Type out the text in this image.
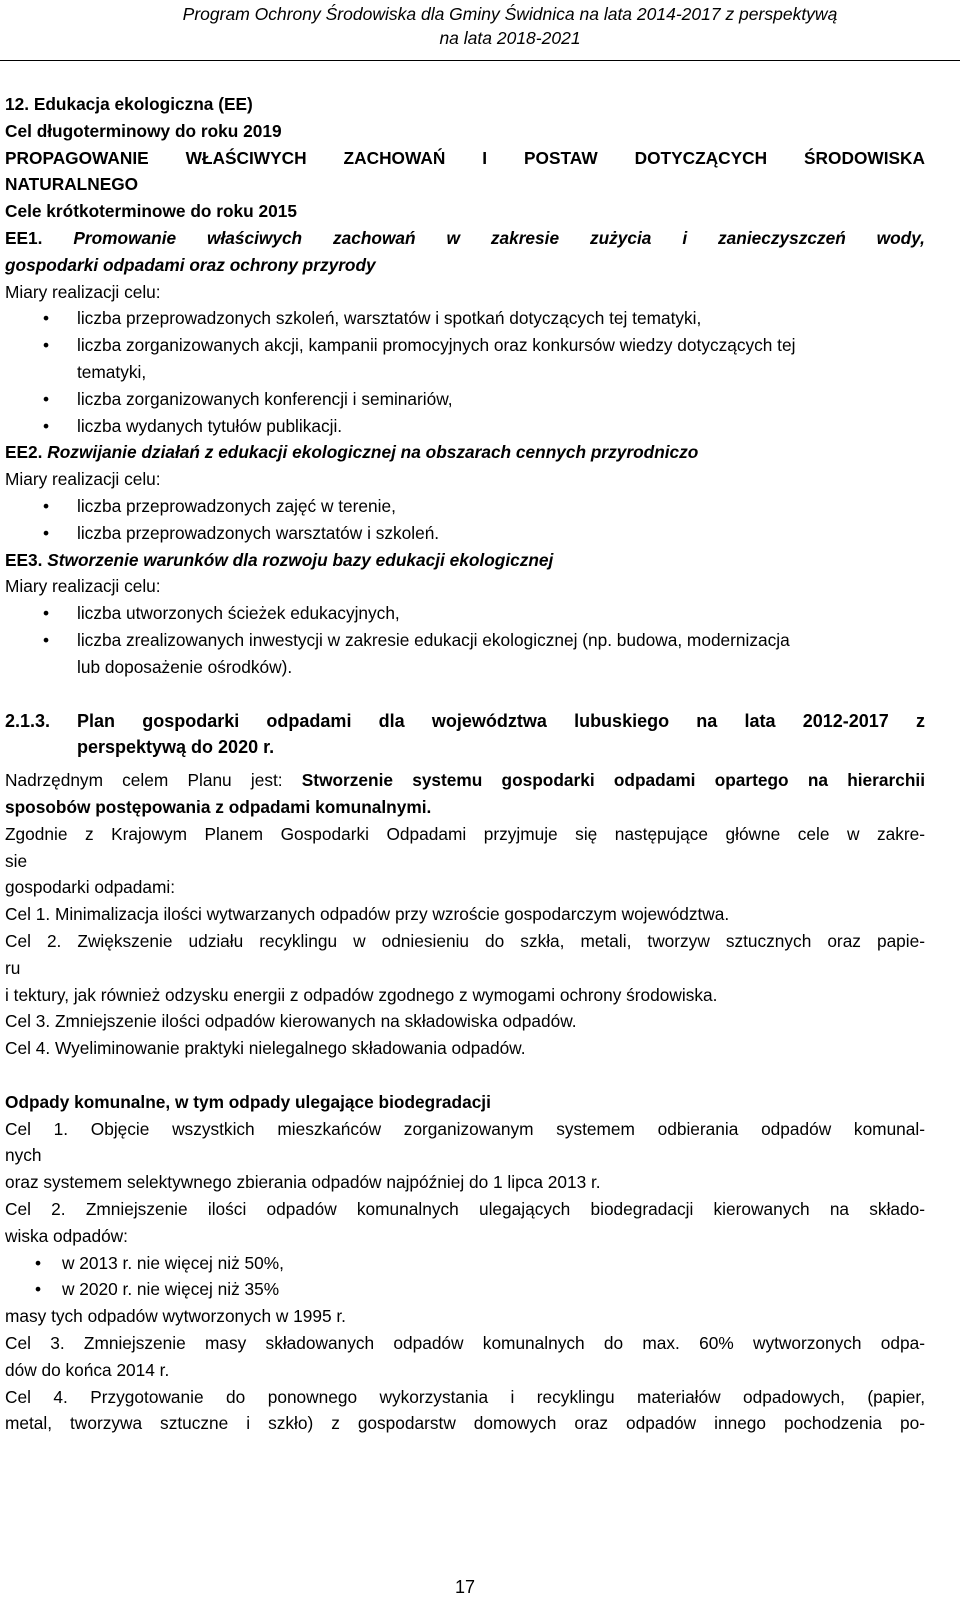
Program Ochrony Środowiska dla Gminy Świdnica na lata 2014-2017 z perspektywą
na lata 2018-2021

12. Edukacja ekologiczna (EE)

Cel długoterminowy do roku 2019

PROPAGOWANIE WŁAŚCIWYCH ZACHOWAŃ I POSTAW DOTYCZĄCYCH ŚRODOWISKA

NATURALNEGO

Cele krótkoterminowe do roku 2015

EE1. Promowanie właściwych zachowań w zakresie zużycia i zanieczyszczeń wody,

gospodarki odpadami oraz ochrony przyrody

Miary realizacji celu:

• liczba przeprowadzonych szkoleń, warsztatów i spotkań dotyczących tej tematyki,
• liczba zorganizowanych akcji, kampanii promocyjnych oraz konkursów wiedzy dotyczących tej
tematyki,
• liczba zorganizowanych konferencji i seminariów,
• liczba wydanych tytułów publikacji.

EE2. Rozwijanie działań z edukacji ekologicznej na obszarach cennych przyrodniczo

Miary realizacji celu:

• liczba przeprowadzonych zajęć w terenie,
• liczba przeprowadzonych warsztatów i szkoleń.

EE3. Stworzenie warunków dla rozwoju bazy edukacji ekologicznej

Miary realizacji celu:

• liczba utworzonych ścieżek edukacyjnych,
• liczba zrealizowanych inwestycji w zakresie edukacji ekologicznej (np. budowa, modernizacja
lub doposażenie ośrodków).
2.1.3.	Plan gospodarki odpadami dla województwa lubuskiego na lata 2012-2017 z
perspektywą do 2020 r.

Nadrzędnym celem Planu jest: Stworzenie systemu gospodarki odpadami opartego na hierarchii

sposobów postępowania z odpadami komunalnymi.

Zgodnie z Krajowym Planem Gospodarki Odpadami przyjmuje się następujące główne cele w zakre-

sie

gospodarki odpadami:

Cel 1. Minimalizacja ilości wytwarzanych odpadów przy wzroście gospodarczym województwa.

Cel 2. Zwiększenie udziału recyklingu w odniesieniu do szkła, metali, tworzyw sztucznych oraz papie-

ru

i tektury, jak również odzysku energii z odpadów zgodnego z wymogami ochrony środowiska.

Cel 3. Zmniejszenie ilości odpadów kierowanych na składowiska odpadów.

Cel 4. Wyeliminowanie praktyki nielegalnego składowania odpadów.

Odpady komunalne, w tym odpady ulegające biodegradacji

Cel 1. Objęcie wszystkich mieszkańców zorganizowanym systemem odbierania odpadów komunal-

nych

oraz systemem selektywnego zbierania odpadów najpóźniej do 1 lipca 2013 r.

Cel 2. Zmniejszenie ilości odpadów komunalnych ulegających biodegradacji kierowanych na składo-

wiska odpadów:

• w 2013 r. nie więcej niż 50%,
• w 2020 r. nie więcej niż 35%

masy tych odpadów wytworzonych w 1995 r.

Cel 3. Zmniejszenie masy składowanych odpadów komunalnych do max. 60% wytworzonych odpa-

dów do końca 2014 r.

Cel 4. Przygotowanie do ponownego wykorzystania i recyklingu materiałów odpadowych, (papier,

metal, tworzywa sztuczne i szkło) z gospodarstw domowych oraz odpadów innego pochodzenia po-

17
